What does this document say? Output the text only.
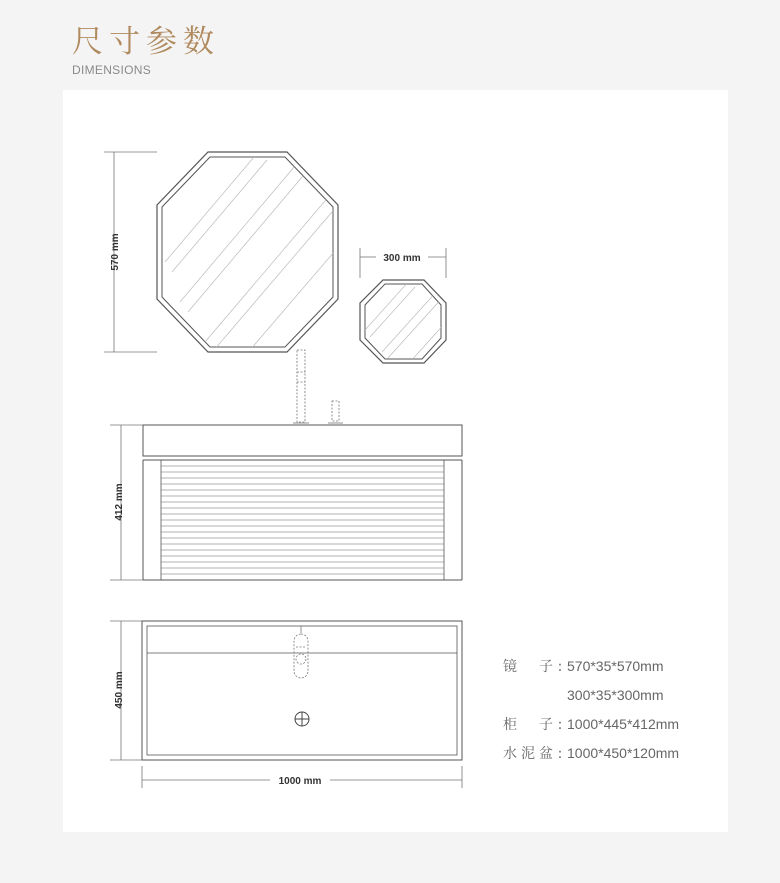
尺寸参数
DIMENSIONS
570 mm	300 mm
412 mm
450 mm
1000 mm
镜　子 : 570*35*570mm
300*35*300mm
柜　子 : 1000*445*412mm
水泥盆 : 1000*450*120mm
